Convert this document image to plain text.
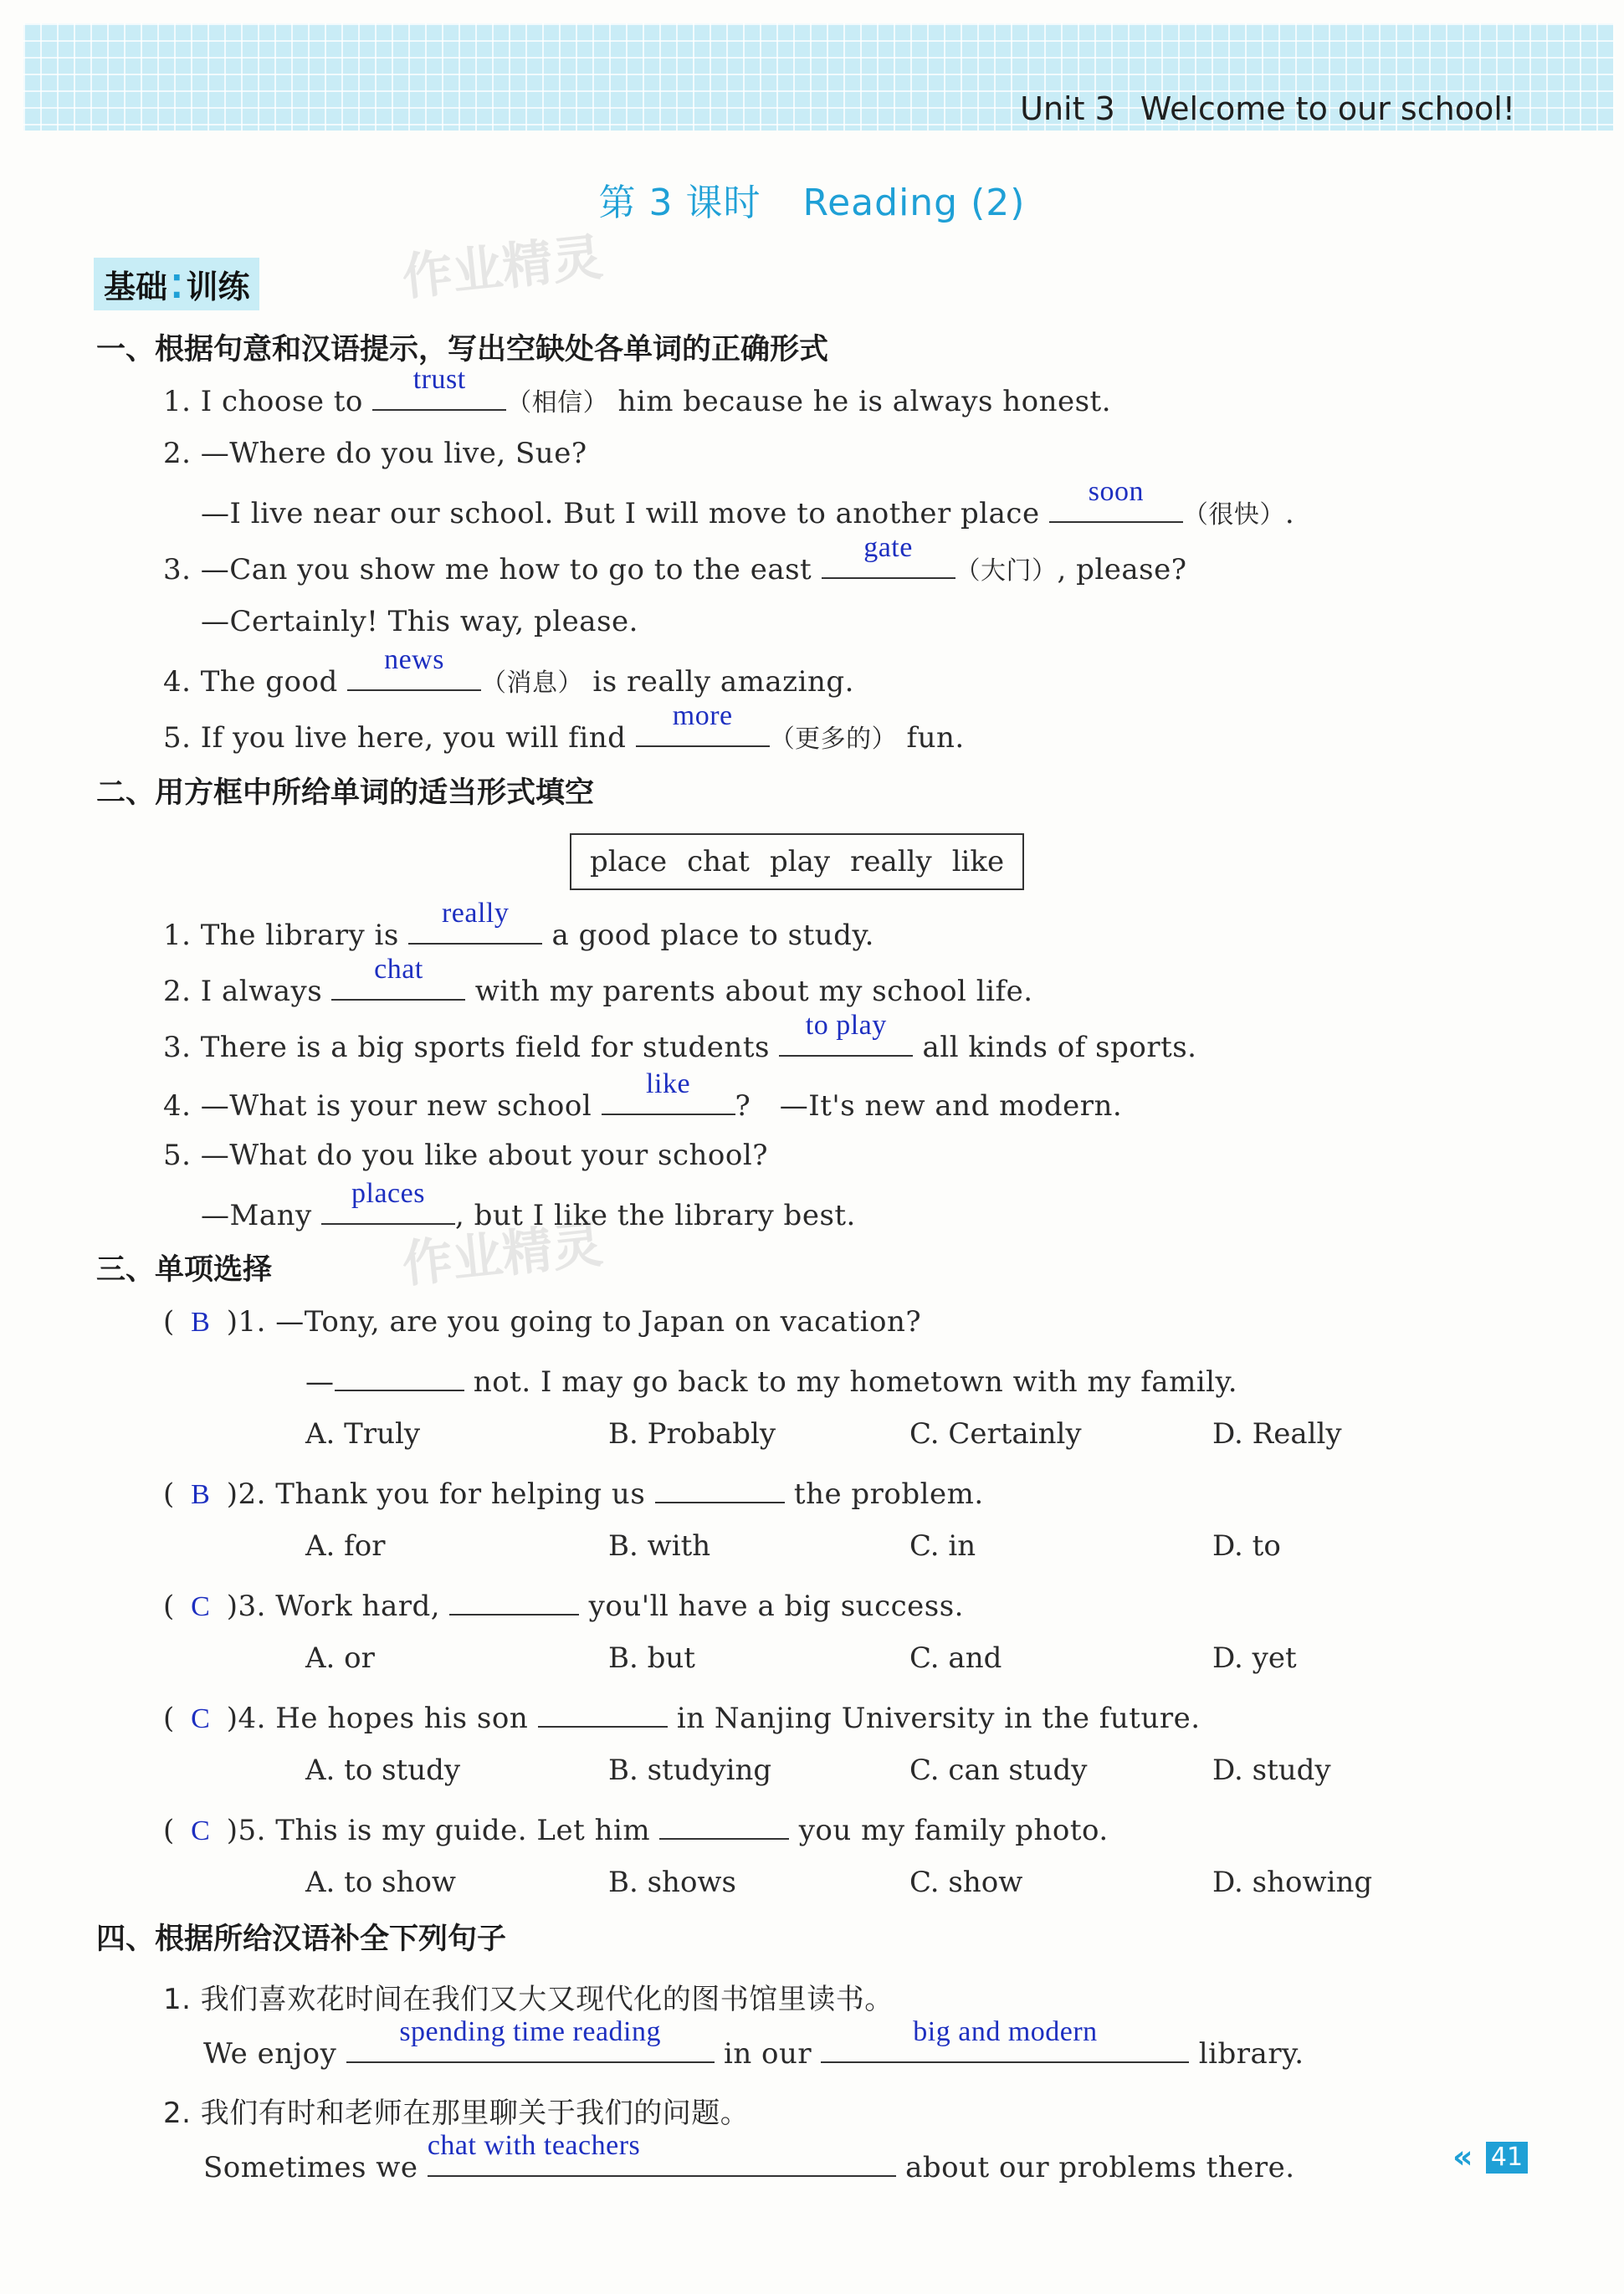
Unit 3 Welcome to our school!
第 3 课时 Reading (2)
基础 ⁚ 训练	作业精灵
作业精灵
一、根据句意和汉语提示，写出空缺处各单词的正确形式
1. I choose to
trust
（相信） him because he is always honest.
2. —Where do you live, Sue?
—I live near our school. But I will move to another place
soon
（很快）.
3. —Can you show me how to go to the east
gate
（大门）, please?
—Certainly! This way, please.
4. The good
news
（消息） is really amazing.
5. If you live here, you will find
more
（更多的） fun.
二、用方框中所给单词的适当形式填空
place chat play really like
1. The library is
really
a good place to study.
2. I always
chat
with my parents about my school life.
3. There is a big sports field for students
to play
all kinds of sports.
4. —What is your new school
like
?　—It's new and modern.
5. —What do you like about your school?
—Many
places
, but I like the library best.
三、单项选择
( B )1. —Tony, are you going to Japan on vacation?
—	not. I may go back to my hometown with my family.
A. Truly	B. Probably	C. Certainly	D. Really
( B )2. Thank you for helping us	the problem.
A. for	B. with	C. in	D. to
( C )3. Work hard,	you'll have a big success.
A. or	B. but	C. and	D. yet
( C )4. He hopes his son	in Nanjing University in the future.
A. to study	B. studying	C. can study	D. study
( C )5. This is my guide. Let him	you my family photo.
A. to show	B. shows	C. show	D. showing
四、根据所给汉语补全下列句子
1. 我们喜欢花时间在我们又大又现代化的图书馆里读书。
We enjoy
spending time reading
in our
big and modern
library.
2. 我们有时和老师在那里聊关于我们的问题。
Sometimes we
chat with teachers
about our problems there.	« 41
